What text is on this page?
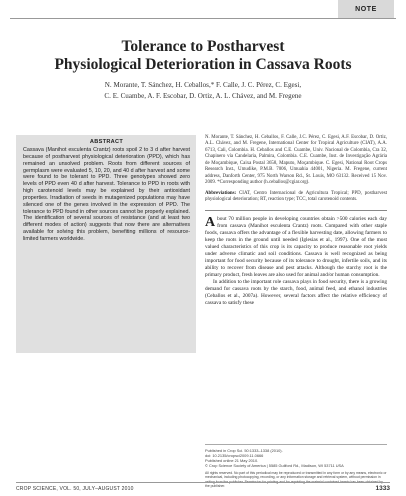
NOTE
Tolerance to Postharvest
Physiological Deterioration in Cassava Roots
N. Morante, T. Sánchez, H. Ceballos,* F. Calle, J. C. Pérez, C. Egesi,
C. E. Cuambe, A. F. Escobar, D. Ortiz, A. L. Chávez, and M. Fregene
ABSTRACT
Cassava (Manihot esculenta Crantz) roots spoil 2 to 3 d after harvest because of postharvest physiological deterioration (PPD), which has remained an unsolved problem. Roots from different sources of germplasm were evaluated 5, 10, 20, and 40 d after harvest and some were found to be tolerant to PPD. Three genotypes showed zero levels of PPD even 40 d after harvest. Tolerance to PPD in roots with high carotenoid levels may be explained by their antioxidant properties. Irradiation of seeds in mutagenized populations may have silenced one of the genes involved in the expression of PPD. The tolerance to PPD found in other sources cannot be properly explained. The identification of several sources of resistance (and at least two different modes of action) suggests that now there are alternatives available for solving this problem, benefiting millions of resource-limited farmers worldwide.
N. Morante, T. Sánchez, H. Ceballos, F. Calle, J.C. Pérez, C. Egesi, A.F. Escobar, D. Ortiz, A.L. Chávez, and M. Fregene, International Center for Tropical Agriculture (CIAT), A.A. 6713, Cali, Colombia. H. Ceballos and C.E. Cuambe, Univ. Nacional de Colombia, Cra 32, Chapinero vía Candelaria, Palmira, Colombia. C.E. Cuambe, Inst. de Investigação Agrária de Moçambique, Caixa Postal 3658, Maputo, Moçambique. C. Egesi, National Root Crops Research Inst., Umudike, P.M.B. 7006, Umuahia 44001, Nigeria. M. Fregene, current address, Danforth Center, 975 North Warson Rd., St. Louis, MO 63132. Received 15 Nov. 2009. *Corresponding author (h.ceballos@cgiar.org).
Abbreviations: CIAT, Centro Internacional de Agricultura Tropical; PPD, postharvest physiological deterioration; RT, reaction type; TCC, total carotenoid contents.

About 70 million people in developing countries obtain >500 calories each day from cassava (Manihot esculenta Crantz) roots. Compared with other staple foods, cassava offers the advantage of a flexible harvesting date, allowing farmers to keep the roots in the ground until needed (Iglesias et al., 1997). One of the most valued characteristics of this crop is its capacity to produce reasonable root yields under adverse climatic and soil conditions. Cassava is well recognized as being important for food security because of its tolerance to drought, infertile soils, and its ability to recover from disease and pest attacks. Although the starchy root is the primary product, fresh leaves are also used for animal and/or human consumption.

In addition to the important role cassava plays in food security, there is a growing demand for cassava roots by the starch, food, animal feed, and ethanol industries (Ceballos et al., 2007a). However, several factors affect the relative efficiency of cassava to satisfy these

Published in Crop Sci. 50:1333–1338 (2010).
doi: 10.2135/cropsci2009.11.0666
Published online 21 May 2010.
© Crop Science Society of America | 5585 Guilford Rd., Madison, WI 53711 USA
All rights reserved. No part of this periodical may be reproduced or transmitted in any form or by any means, electronic or mechanical, including photocopying, recording, or any information storage and retrieval system, without permission in writing from the publisher. Permission for printing and for reprinting the material contained herein has been obtained by the publisher.
CROP SCIENCE, VOL. 50, JULY–AUGUST 2010	1333
